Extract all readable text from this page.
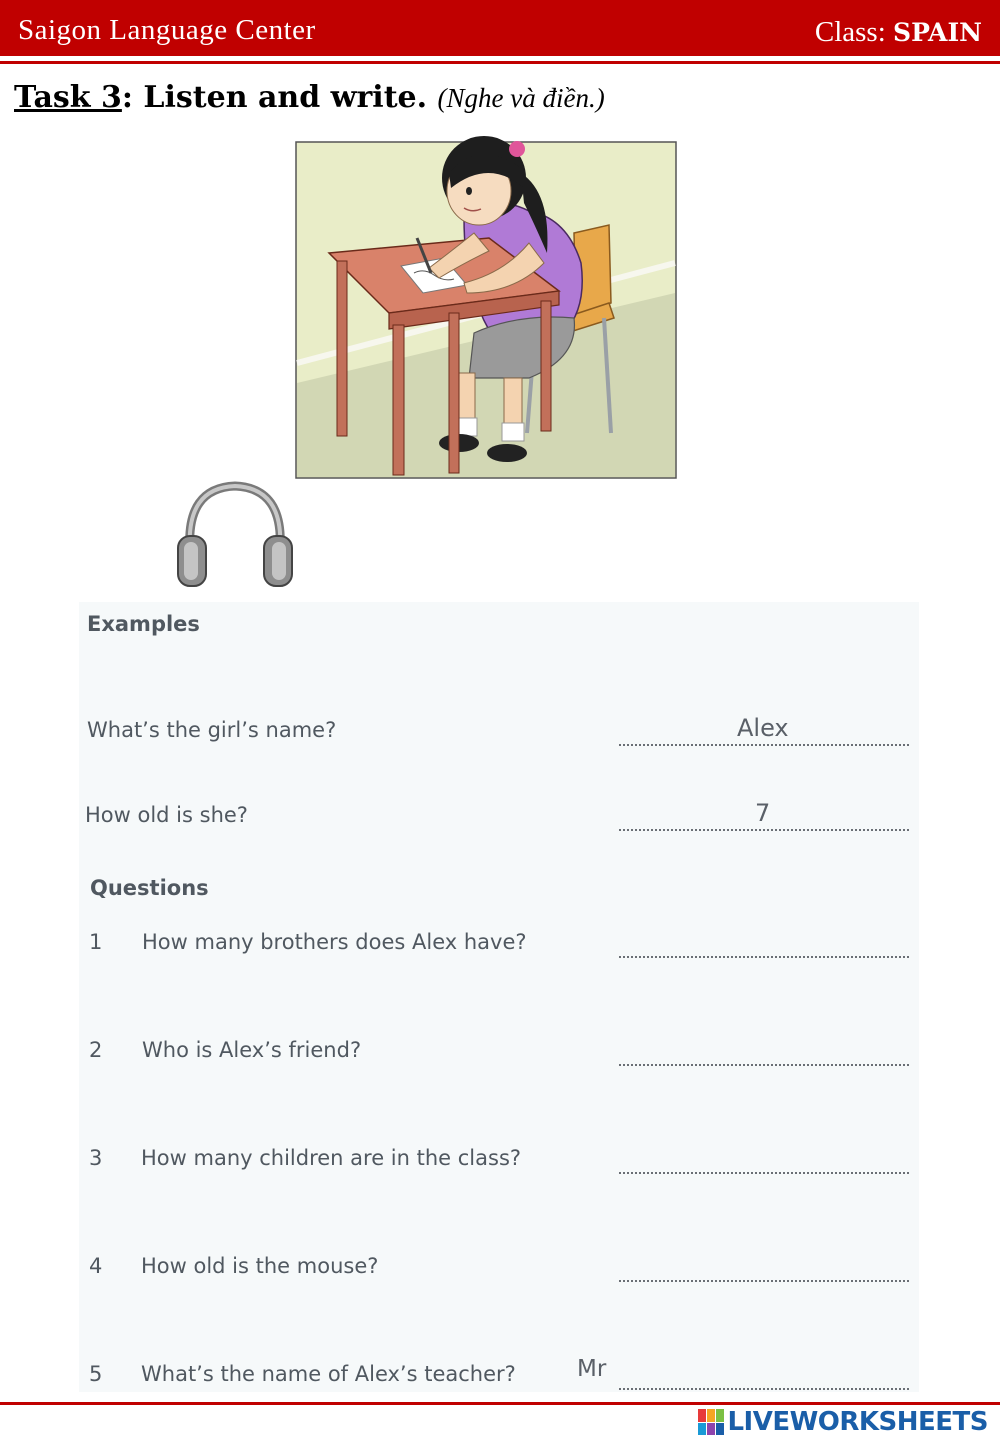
Saigon Language Center	Class: SPAIN
Task 3: Listen and write. (Nghe và điền.)
Examples
What’s the girl’s name?	Alex
How old is she?	7
Questions
1 How many brothers does Alex have?
2 Who is Alex’s friend?
3 How many children are in the class?
4 How old is the mouse?
5 What’s the name of Alex’s teacher?	Mr
LIVEWORKSHEETS
